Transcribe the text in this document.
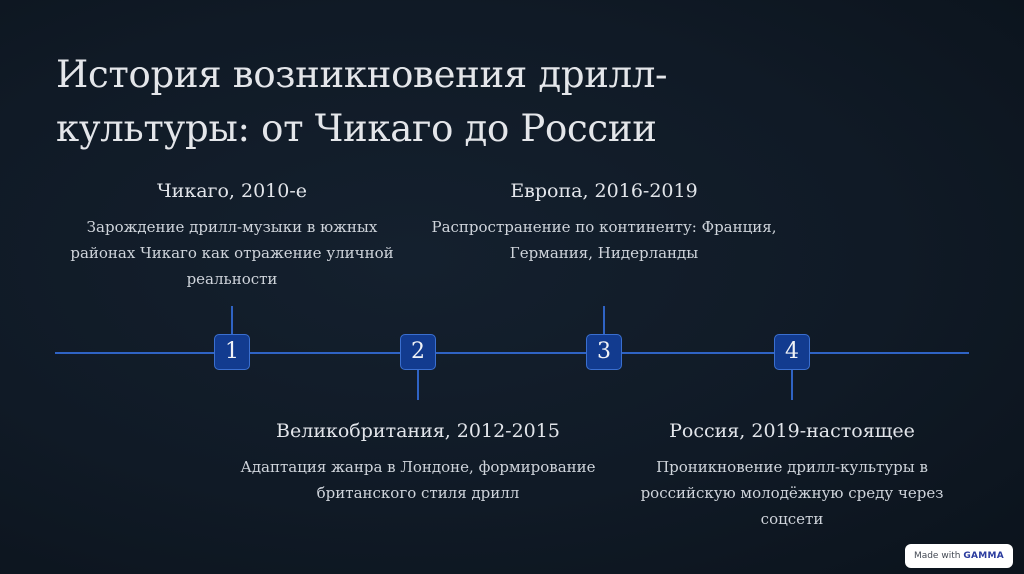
История возникновения дрилл-культуры: от Чикаго до России
1

Чикаго, 2010-е

Зарождение дрилл-музыки в южных районах Чикаго как отражение уличной реальности

2

Великобритания, 2012-2015

Адаптация жанра в Лондоне, формирование британского стиля дрилл

3

Европа, 2016-2019

Распространение по континенту: Франция, Германия, Нидерланды

4

Россия, 2019-настоящее

Проникновение дрилл-культуры в российскую молодёжную среду через соцсети

Made with GAMMA
